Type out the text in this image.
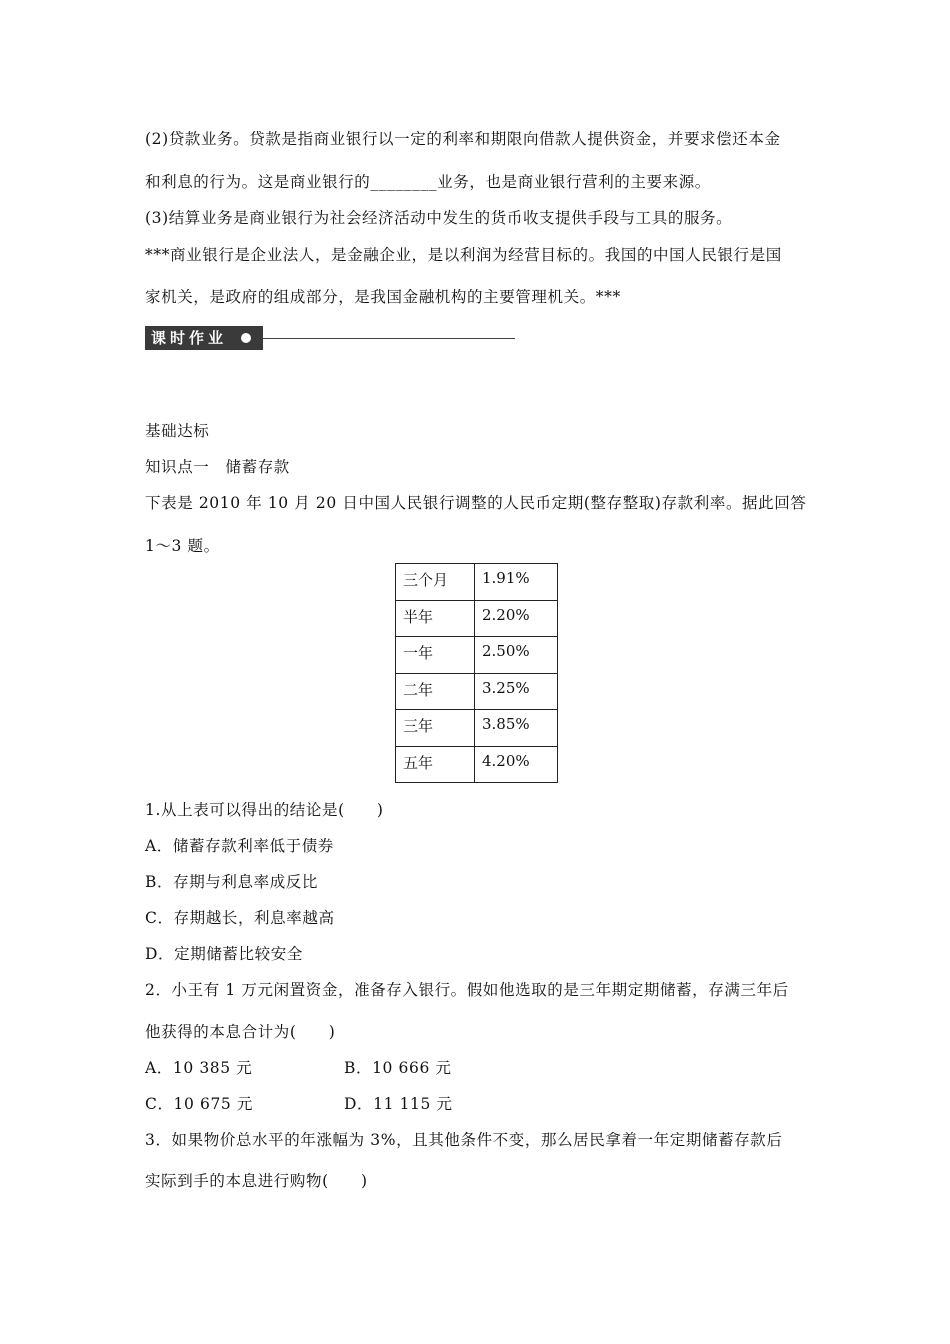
(2)贷款业务。贷款是指商业银行以一定的利率和期限向借款人提供资金，并要求偿还本金
和利息的行为。这是商业银行的________业务，也是商业银行营利的主要来源。
(3)结算业务是商业银行为社会经济活动中发生的货币收支提供手段与工具的服务。
***商业银行是企业法人，是金融企业，是以利润为经营目标的。我国的中国人民银行是国
家机关，是政府的组成部分，是我国金融机构的主要管理机关。***
课时作业
基础达标
知识点一　储蓄存款
下表是 2010 年 10 月 20 日中国人民银行调整的人民币定期(整存整取)存款利率。据此回答
1～3 题。
三个月	1.91%
半年	2.20%
一年	2.50%
二年	3.25%
三年	3.85%
五年	4.20%
1.从上表可以得出的结论是(　　)
A．储蓄存款利率低于债券
B．存期与利息率成反比
C．存期越长，利息率越高
D．定期储蓄比较安全
2．小王有 1 万元闲置资金，准备存入银行。假如他选取的是三年期定期储蓄，存满三年后
他获得的本息合计为(　　)
A．10 385 元	B．10 666 元
C．10 675 元	D．11 115 元
3．如果物价总水平的年涨幅为 3%，且其他条件不变，那么居民拿着一年定期储蓄存款后
实际到手的本息进行购物(　　)
